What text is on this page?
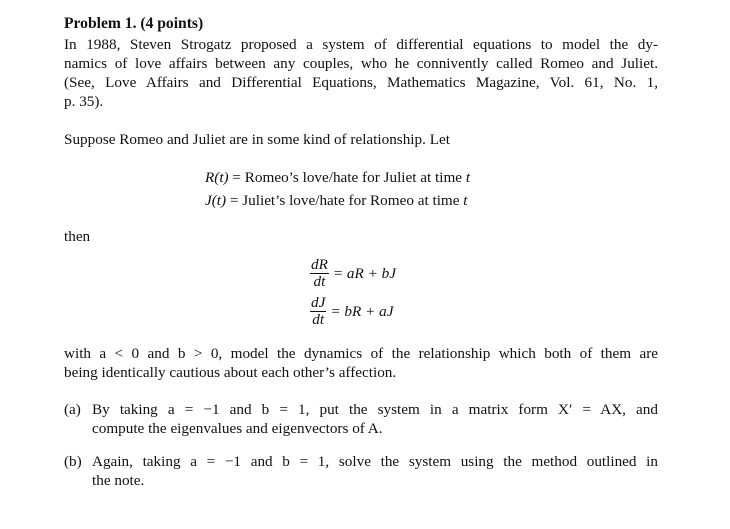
Problem 1. (4 points)
In 1988, Steven Strogatz proposed a system of differential equations to model the dy-
namics of love affairs between any couples, who he connivently called Romeo and Juliet.
(See, Love Affairs and Differential Equations, Mathematics Magazine, Vol. 61, No. 1,
p. 35).
Suppose Romeo and Juliet are in some kind of relationship. Let
R(t) = Romeo’s love/hate for Juliet at time t
J(t) = Juliet’s love/hate for Romeo at time t
then
$\frac{dR}{dt}$ = aR + bJ
$\frac{dJ}{dt}$ = bR + aJ
with a < 0 and b > 0, model the dynamics of the relationship which both of them are
being identically cautious about each other’s affection.
(a) By taking a = −1 and b = 1, put the system in a matrix form X′ = AX, and
compute the eigenvalues and eigenvectors of A.
(b) Again, taking a = −1 and b = 1, solve the system using the method outlined in
the note.
